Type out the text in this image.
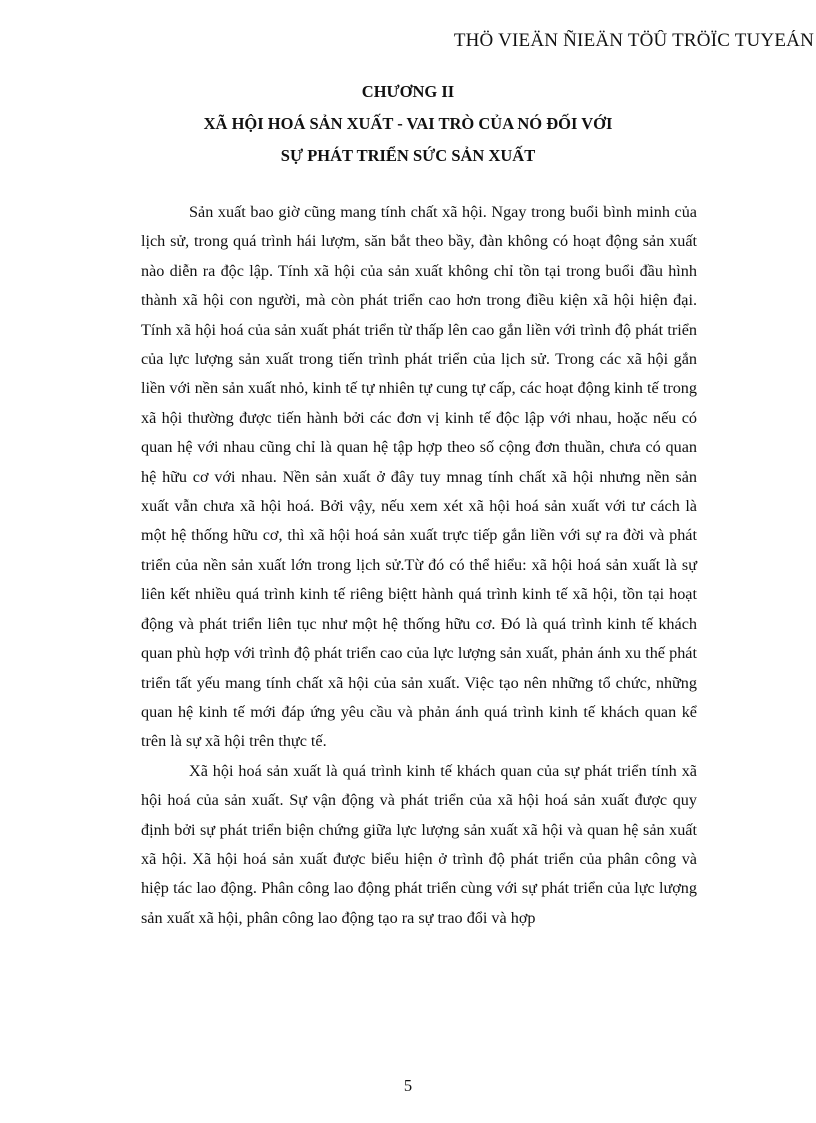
THÖ VIEÄN ÑIEÄN TÖÛ TRÖÏC TUYEÁN
CHƯƠNG II
XÃ HỘI HOÁ SẢN XUẤT - VAI TRÒ CỦA NÓ ĐỐI VỚI
SỰ PHÁT TRIỂN SỨC SẢN XUẤT

Sản xuất bao giờ cũng mang tính chất xã hội. Ngay trong buổi bình minh của lịch sử, trong quá trình hái lượm, săn bắt theo bầy, đàn không có hoạt động sản xuất nào diễn ra độc lập. Tính xã hội của sản xuất không chỉ tồn tại trong buổi đầu hình thành xã hội con người, mà còn phát triển cao hơn trong điều kiện xã hội hiện đại. Tính xã hội hoá của sản xuất phát triển từ thấp lên cao gắn liền với trình độ phát triển của lực lượng sản xuất trong tiến trình phát triển của lịch sử. Trong các xã hội gắn liền với nền sản xuất nhỏ, kinh tế tự nhiên tự cung tự cấp, các hoạt động kinh tế trong xã hội thường được tiến hành bởi các đơn vị kinh tế độc lập với nhau, hoặc nếu có quan hệ với nhau cũng chỉ là quan hệ tập hợp theo số cộng đơn thuần, chưa có quan hệ hữu cơ với nhau. Nền sản xuất ở đây tuy mnag tính chất xã hội nhưng nền sản xuất vẫn chưa xã hội hoá. Bởi vậy, nếu xem xét xã hội hoá sản xuất với tư cách là một hệ thống hữu cơ, thì xã hội hoá sản xuất trực tiếp gắn liền với sự ra đời và phát triển của nền sản xuất lớn trong lịch sử.Từ đó có thể hiểu: xã hội hoá sản xuất là sự liên kết nhiều quá trình kinh tế riêng biệtt hành quá trình kinh tế xã hội, tồn tại hoạt động và phát triển liên tục như một hệ thống hữu cơ. Đó là quá trình kinh tế khách quan phù hợp với trình độ phát triển cao của lực lượng sản xuất, phản ánh xu thế phát triển tất yếu mang tính chất xã hội của sản xuất. Việc tạo nên những tổ chức, những quan hệ kinh tế mới đáp ứng yêu cầu và phản ánh quá trình kinh tế khách quan kể trên là sự xã hội trên thực tế.

Xã hội hoá sản xuất là quá trình kinh tế khách quan của sự phát triển tính xã hội hoá của sản xuất. Sự vận động và phát triển của xã hội hoá sản xuất được quy định bởi sự phát triển biện chứng giữa lực lượng sản xuất xã hội và quan hệ sản xuất xã hội. Xã hội hoá sản xuất được biểu hiện ở trình độ phát triển của phân công và hiệp tác lao động. Phân công lao động phát triển cùng với sự phát triển của lực lượng sản xuất xã hội, phân công lao động tạo ra sự trao đổi và hợp

5
